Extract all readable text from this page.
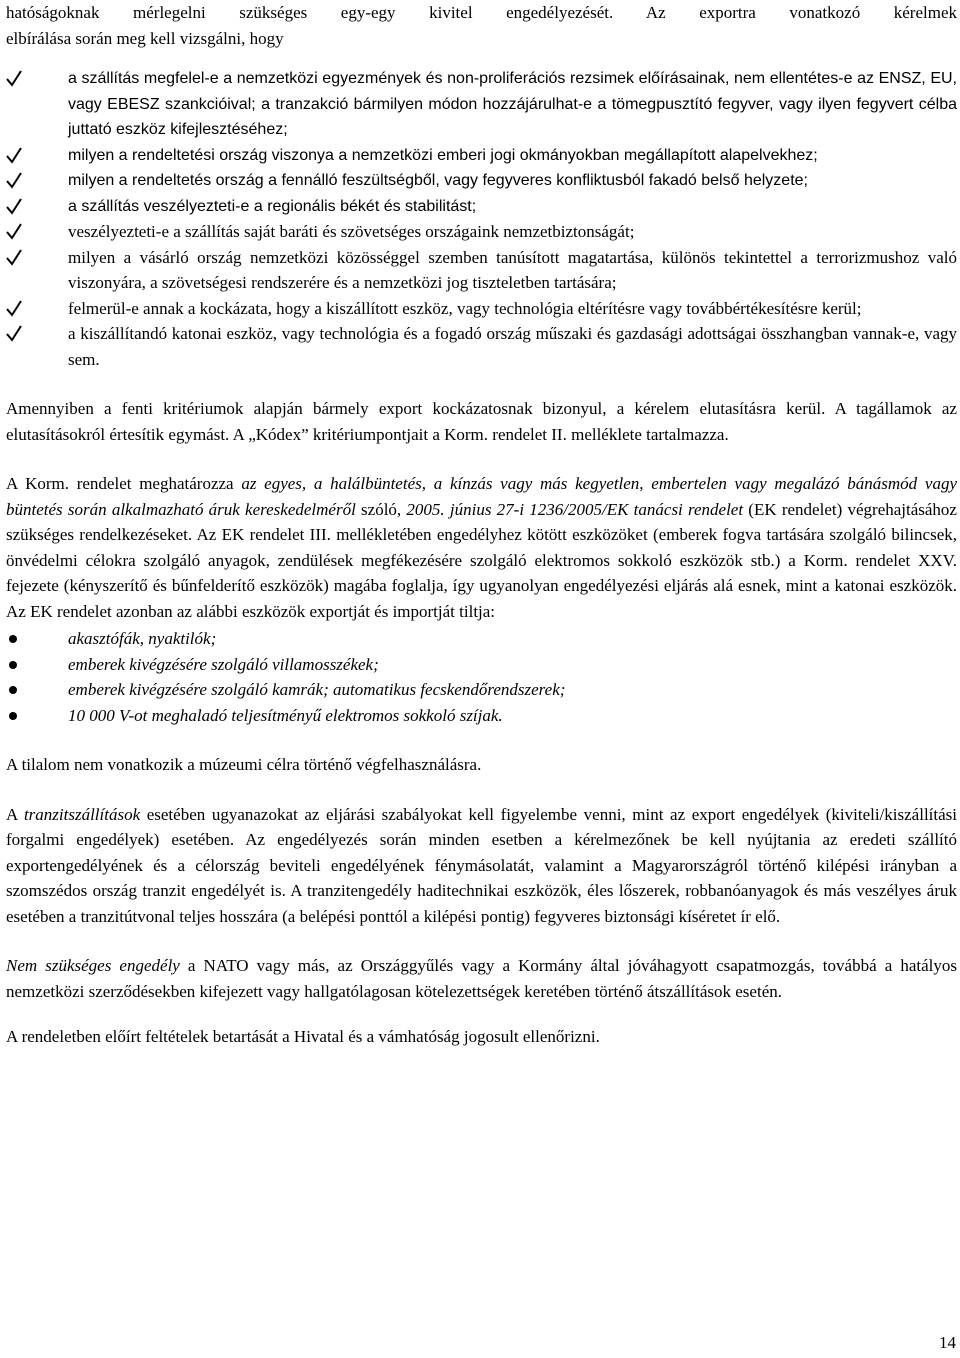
hatóságoknak mérlegelni szükséges egy-egy kivitel engedélyezését. Az exportra vonatkozó kérelmek
elbírálása során meg kell vizsgálni, hogy

a szállítás megfelel-e a nemzetközi egyezmények és non-proliferációs rezsimek előírásainak, nem ellentétes-e az ENSZ, EU, vagy EBESZ szankcióival; a tranzakció bármilyen módon hozzájárulhat-e a tömegpusztító fegyver, vagy ilyen fegyvert célba juttató eszköz kifejlesztéséhez;
milyen a rendeltetési ország viszonya a nemzetközi emberi jogi okmányokban megállapított alapelvekhez;
milyen a rendeltetés ország a fennálló feszültségből, vagy fegyveres konfliktusból fakadó belső helyzete;
a szállítás veszélyezteti-e a regionális békét és stabilitást;
veszélyezteti-e a szállítás saját baráti és szövetséges országaink nemzetbiztonságát;
milyen a vásárló ország nemzetközi közösséggel szemben tanúsított magatartása, különös tekintettel a terrorizmushoz való viszonyára, a szövetségesi rendszerére és a nemzetközi jog tiszteletben tartására;
felmerül-e annak a kockázata, hogy a kiszállított eszköz, vagy technológia eltérítésre vagy továbbértékesítésre kerül;
a kiszállítandó katonai eszköz, vagy technológia és a fogadó ország műszaki és gazdasági adottságai összhangban vannak-e, vagy sem.

Amennyiben a fenti kritériumok alapján bármely export kockázatosnak bizonyul, a kérelem elutasításra kerül. A tagállamok az elutasításokról értesítik egymást. A „Kódex” kritériumpontjait a Korm. rendelet II. melléklete tartalmazza.

A Korm. rendelet meghatározza az egyes, a halálbüntetés, a kínzás vagy más kegyetlen, embertelen vagy megalázó bánásmód vagy büntetés során alkalmazható áruk kereskedelméről szóló, 2005. június 27-i 1236/2005/EK tanácsi rendelet (EK rendelet) végrehajtásához szükséges rendelkezéseket. Az EK rendelet III. mellékletében engedélyhez kötött eszközöket (emberek fogva tartására szolgáló bilincsek, önvédelmi célokra szolgáló anyagok, zendülések megfékezésére szolgáló elektromos sokkoló eszközök stb.) a Korm. rendelet XXV. fejezete (kényszerítő és bűnfelderítő eszközök) magába foglalja, így ugyanolyan engedélyezési eljárás alá esnek, mint a katonai eszközök. Az EK rendelet azonban az alábbi eszközök exportját és importját tiltja:

akasztófák, nyaktilók;
emberek kivégzésére szolgáló villamosszékek;
emberek kivégzésére szolgáló kamrák; automatikus fecskendőrendszerek;
10 000 V-ot meghaladó teljesítményű elektromos sokkoló szíjak.

A tilalom nem vonatkozik a múzeumi célra történő végfelhasználásra.

A tranzitszállítások esetében ugyanazokat az eljárási szabályokat kell figyelembe venni, mint az export engedélyek (kiviteli/kiszállítási forgalmi engedélyek) esetében. Az engedélyezés során minden esetben a kérelmezőnek be kell nyújtania az eredeti szállító exportengedélyének és a célország beviteli engedélyének fénymásolatát, valamint a Magyarországról történő kilépési irányban a szomszédos ország tranzit engedélyét is. A tranzitengedély haditechnikai eszközök, éles lőszerek, robbanóanyagok és más veszélyes áruk esetében a tranzitútvonal teljes hosszára (a belépési ponttól a kilépési pontig) fegyveres biztonsági kíséretet ír elő.

Nem szükséges engedély a NATO vagy más, az Országgyűlés vagy a Kormány által jóváhagyott csapatmozgás, továbbá a hatályos nemzetközi szerződésekben kifejezett vagy hallgatólagosan kötelezettségek keretében történő átszállítások esetén.

A rendeletben előírt feltételek betartását a Hivatal és a vámhatóság jogosult ellenőrizni.

14
